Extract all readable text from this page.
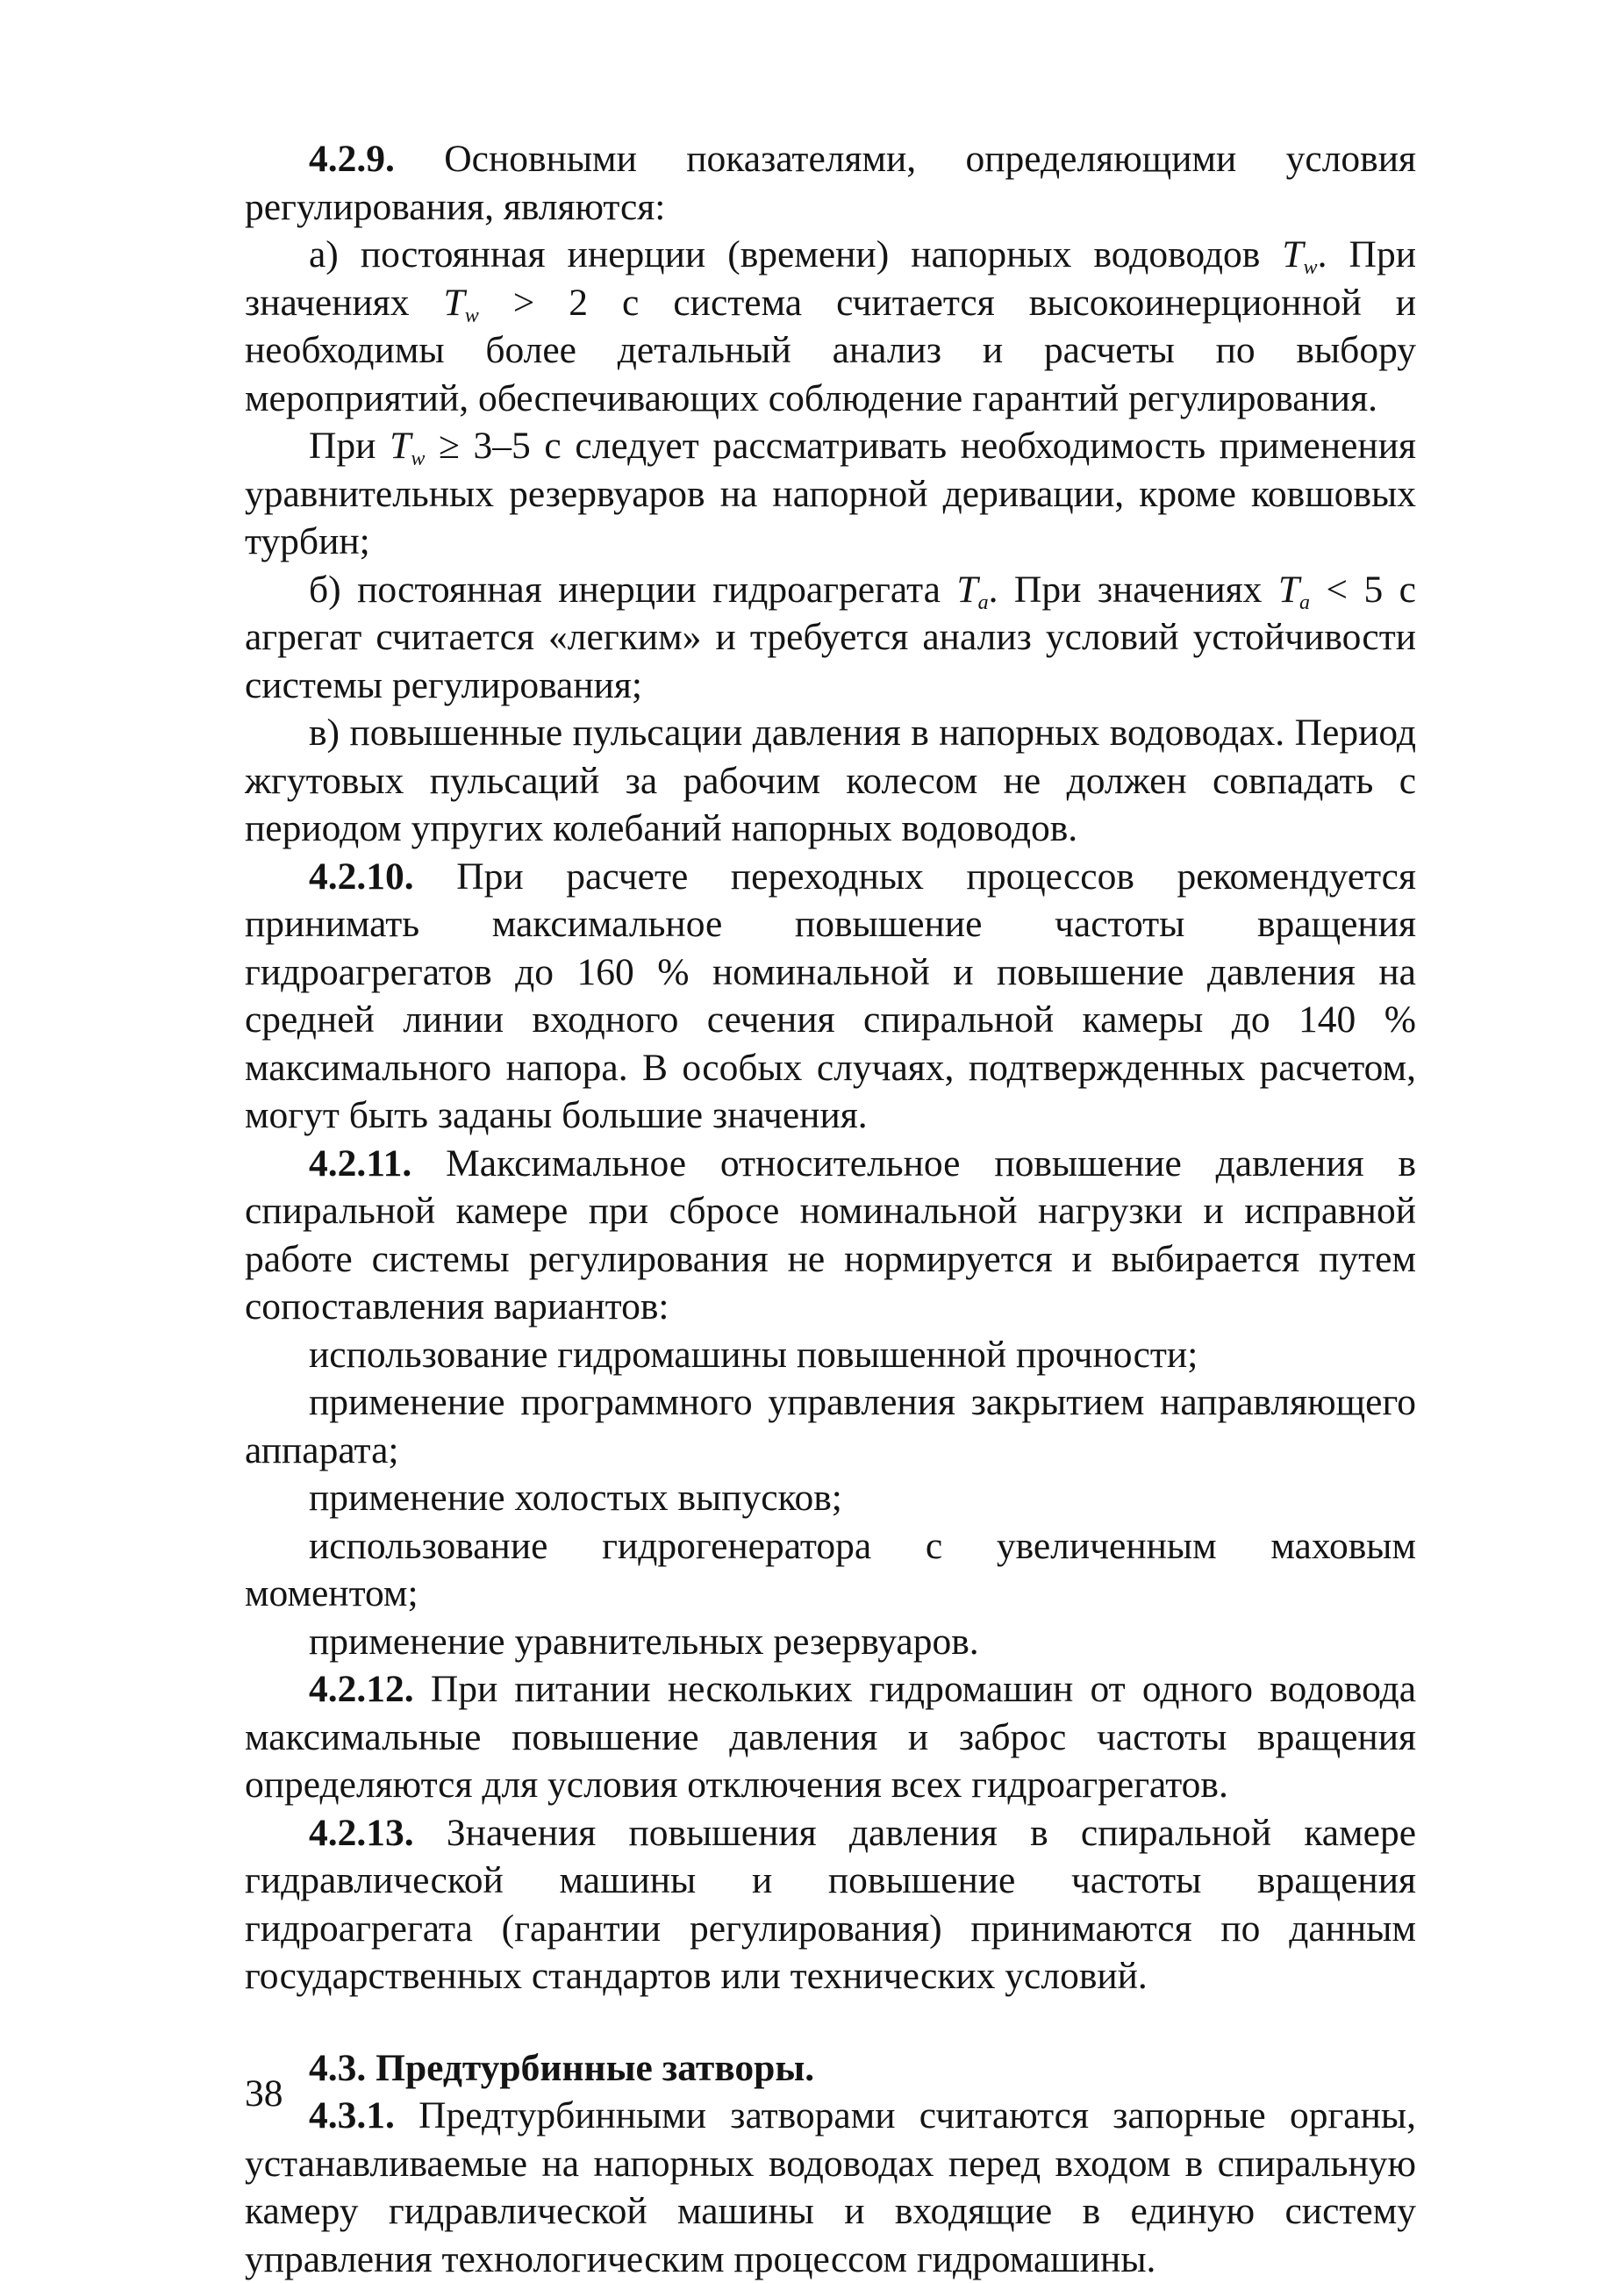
4.2.9. Основными показателями, определяющими условия регулирования, являются:

а) постоянная инерции (времени) напорных водоводов $T_w$. При значениях $T_w > 2$ с система считается высокоинерционной и необходимы более детальный анализ и расчеты по выбору мероприятий, обеспечивающих соблюдение гарантий регулирования.

При $T_w \ge 3-5$ с следует рассматривать необходимость применения уравнительных резервуаров на напорной деривации, кроме ковшовых турбин;

б) постоянная инерции гидроагрегата $T_a$. При значениях $T_a < 5$ с агрегат считается «легким» и требуется анализ условий устойчивости системы регулирования;

в) повышенные пульсации давления в напорных водоводах. Период жгутовых пульсаций за рабочим колесом не должен совпадать с периодом упругих колебаний напорных водоводов.

4.2.10. При расчете переходных процессов рекомендуется принимать максимальное повышение частоты вращения гидроагрегатов до 160 % номинальной и повышение давления на средней линии входного сечения спиральной камеры до 140 % максимального напора. В особых случаях, подтвержденных расчетом, могут быть заданы большие значения.

4.2.11. Максимальное относительное повышение давления в спиральной камере при сбросе номинальной нагрузки и исправной работе системы регулирования не нормируется и выбирается путем сопоставления вариантов:

использование гидромашины повышенной прочности;

применение программного управления закрытием направляющего аппарата;

применение холостых выпусков;

использование гидрогенератора с увеличенным маховым моментом;

применение уравнительных резервуаров.

4.2.12. При питании нескольких гидромашин от одного водовода максимальные повышение давления и заброс частоты вращения определяются для условия отключения всех гидроагрегатов.

4.2.13. Значения повышения давления в спиральной камере гидравлической машины и повышение частоты вращения гидроагрегата (гарантии регулирования) принимаются по данным государственных стандартов или технических условий.

4.3. Предтурбинные затворы.

4.3.1. Предтурбинными затворами считаются запорные органы, устанавливаемые на напорных водоводах перед входом в спиральную камеру гидравлической машины и входящие в единую систему управления технологическим процессом гидромашины.

38
